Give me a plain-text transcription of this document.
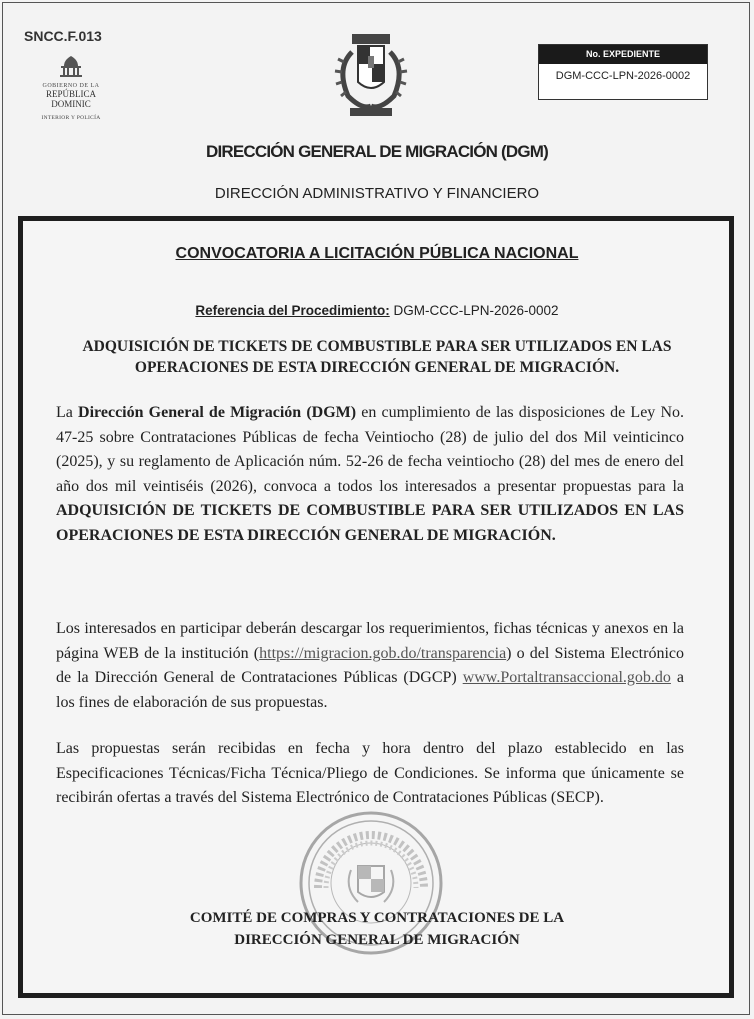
SNCC.F.013
GOBIERNO DE LA
REPÚBLICA DOMINIC
INTERIOR Y POLICÍA
No. EXPEDIENTE
DGM-CCC-LPN-2026-0002
DIRECCIÓN GENERAL DE MIGRACIÓN (DGM)
DIRECCIÓN ADMINISTRATIVO Y FINANCIERO
CONVOCATORIA A LICITACIÓN PÚBLICA NACIONAL
Referencia del Procedimiento: DGM-CCC-LPN-2026-0002
ADQUISICIÓN DE TICKETS DE COMBUSTIBLE PARA SER UTILIZADOS EN LAS OPERACIONES DE ESTA DIRECCIÓN GENERAL DE MIGRACIÓN.
La Dirección General de Migración (DGM) en cumplimiento de las disposiciones de Ley No. 47-25 sobre Contrataciones Públicas de fecha Veintiocho (28) de julio del dos Mil veinticinco (2025), y su reglamento de Aplicación núm. 52-26 de fecha veintiocho (28) del mes de enero del año dos mil veintiséis (2026), convoca a todos los interesados a presentar propuestas para la ADQUISICIÓN DE TICKETS DE COMBUSTIBLE PARA SER UTILIZADOS EN LAS OPERACIONES DE ESTA DIRECCIÓN GENERAL DE MIGRACIÓN.
Los interesados en participar deberán descargar los requerimientos, fichas técnicas y anexos en la página WEB de la institución (https://migracion.gob.do/transparencia) o del Sistema Electrónico de la Dirección General de Contrataciones Públicas (DGCP) www.Portaltransaccional.gob.do a los fines de elaboración de sus propuestas.
Las propuestas serán recibidas en fecha y hora dentro del plazo establecido en las Especificaciones Técnicas/Ficha Técnica/Pliego de Condiciones. Se informa que únicamente se recibirán ofertas a través del Sistema Electrónico de Contrataciones Públicas (SECP).
COMITÉ DE COMPRAS Y CONTRATACIONES DE LA
DIRECCIÓN GENERAL DE MIGRACIÓN
